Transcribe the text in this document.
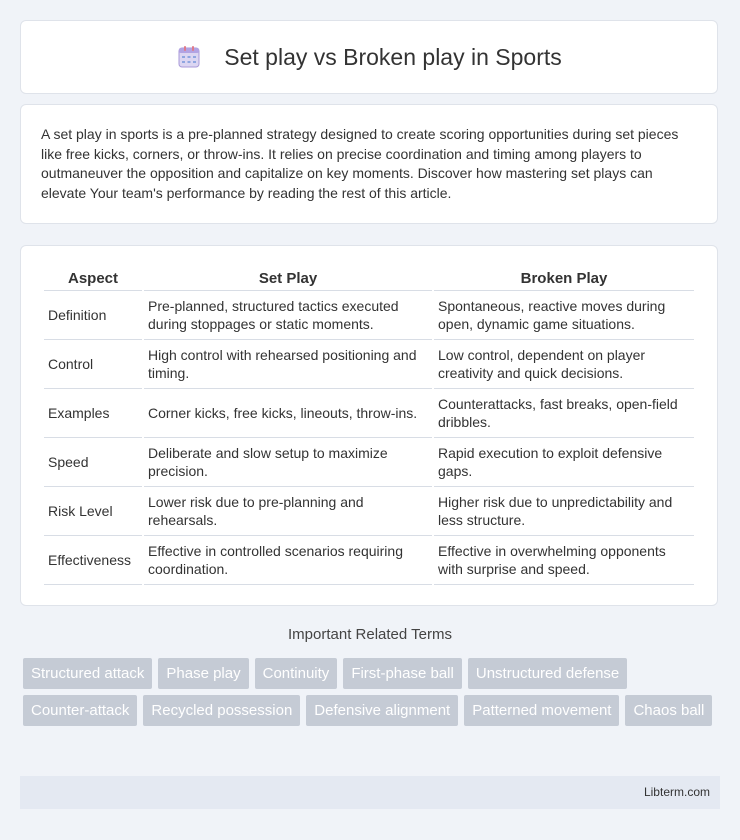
Set play vs Broken play in Sports

A set play in sports is a pre-planned strategy designed to create scoring opportunities during set pieces like free kicks, corners, or throw-ins. It relies on precise coordination and timing among players to outmaneuver the opposition and capitalize on key moments. Discover how mastering set plays can elevate Your team's performance by reading the rest of this article.

Aspect	Set Play	Broken Play
Definition	Pre-planned, structured tactics executed during stoppages or static moments.	Spontaneous, reactive moves during open, dynamic game situations.
Control	High control with rehearsed positioning and timing.	Low control, dependent on player creativity and quick decisions.
Examples	Corner kicks, free kicks, lineouts, throw-ins.	Counterattacks, fast breaks, open-field dribbles.
Speed	Deliberate and slow setup to maximize precision.	Rapid execution to exploit defensive gaps.
Risk Level	Lower risk due to pre-planning and rehearsals.	Higher risk due to unpredictability and less structure.
Effectiveness	Effective in controlled scenarios requiring coordination.	Effective in overwhelming opponents with surprise and speed.
Important Related Terms
Structured attack	Phase play	Continuity	First-phase ball	Unstructured defense
Counter-attack	Recycled possession	Defensive alignment	Patterned movement	Chaos ball
Libterm.com
